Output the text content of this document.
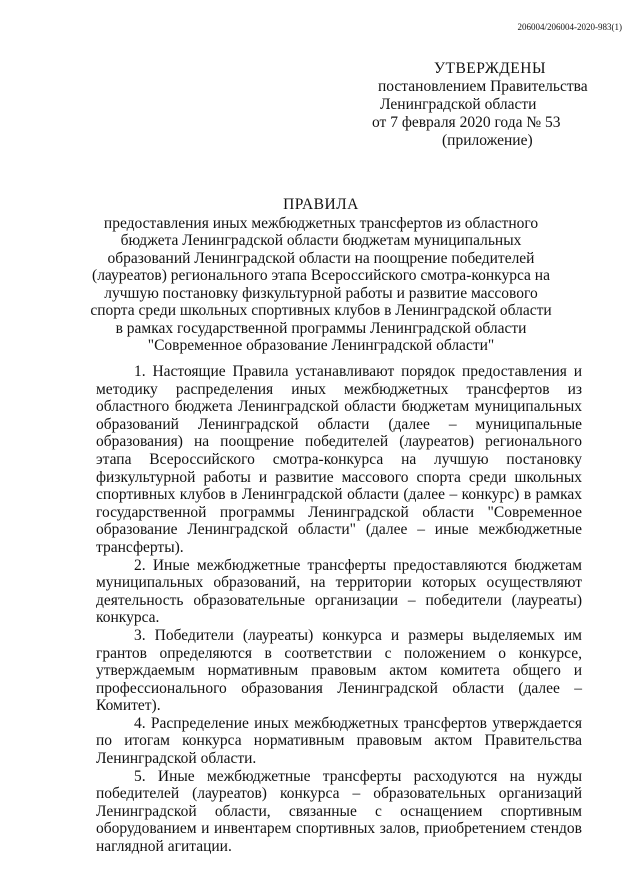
206004/206004-2020-983(1)
УТВЕРЖДЕНЫ
постановлением Правительства
Ленинградской области
от 7 февраля 2020 года № 53
(приложение)
ПРАВИЛА
предоставления иных межбюджетных трансфертов из областного бюджета Ленинградской области бюджетам муниципальных образований Ленинградской области на поощрение победителей (лауреатов) регионального этапа Всероссийского смотра-конкурса на лучшую постановку физкультурной работы и развитие массового спорта среди школьных спортивных клубов в Ленинградской области в рамках государственной программы Ленинградской области "Современное образование Ленинградской области"

1. Настоящие Правила устанавливают порядок предоставления и методику распределения иных межбюджетных трансфертов из областного бюджета Ленинградской области бюджетам муниципальных образований Ленинградской области (далее – муниципальные образования) на поощрение победителей (лауреатов) регионального этапа Всероссийского смотра-конкурса на лучшую постановку физкультурной работы и развитие массового спорта среди школьных спортивных клубов в Ленинградской области (далее – конкурс) в рамках государственной программы Ленинградской области "Современное образование Ленинградской области" (далее – иные межбюджетные трансферты).

2. Иные межбюджетные трансферты предоставляются бюджетам муниципальных образований, на территории которых осуществляют деятельность образовательные организации – победители (лауреаты) конкурса.

3. Победители (лауреаты) конкурса и размеры выделяемых им грантов определяются в соответствии с положением о конкурсе, утверждаемым нормативным правовым актом комитета общего и профессионального образования Ленинградской области (далее – Комитет).

4. Распределение иных межбюджетных трансфертов утверждается по итогам конкурса нормативным правовым актом Правительства Ленинградской области.

5. Иные межбюджетные трансферты расходуются на нужды победителей (лауреатов) конкурса – образовательных организаций Ленинградской области, связанные с оснащением спортивным оборудованием и инвентарем спортивных залов, приобретением стендов наглядной агитации.
